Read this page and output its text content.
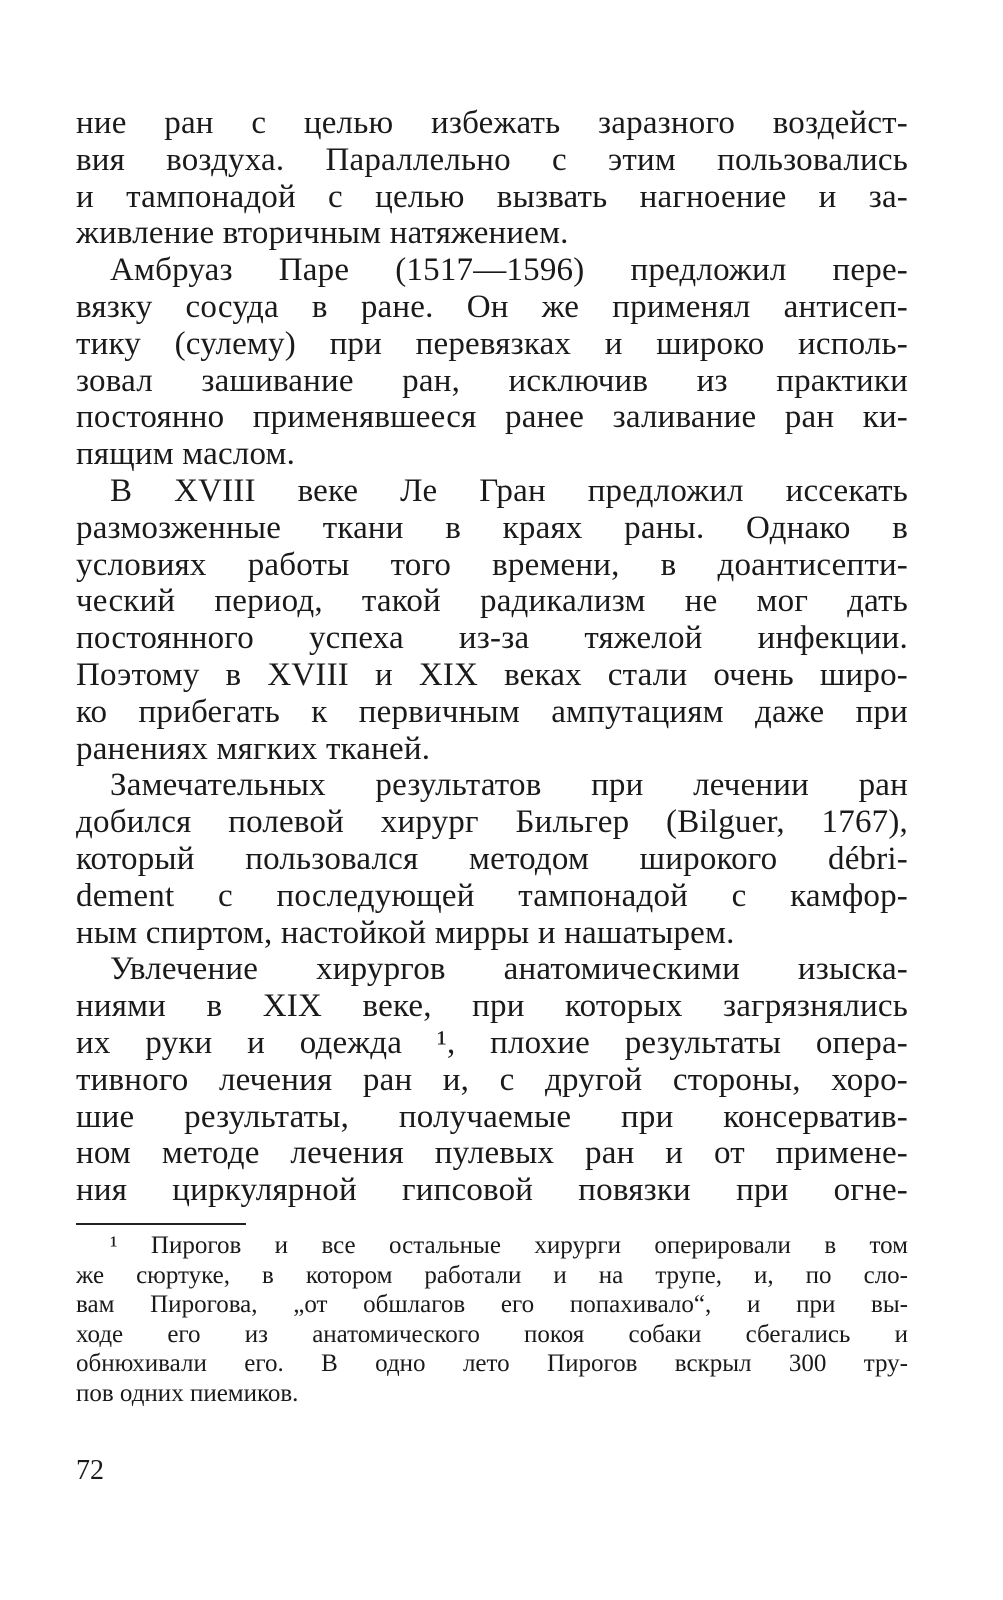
ние ран с целью избежать заразного воздейст-
вия воздуха. Параллельно с этим пользовались
и тампонадой с целью вызвать нагноение и за-
живление вторичным натяжением.
Амбруаз Паре (1517—1596) предложил пере-
вязку сосуда в ране. Он же применял антисеп-
тику (сулему) при перевязках и широко исполь-
зовал зашивание ран, исключив из практики
постоянно применявшееся ранее заливание ран ки-
пящим маслом.
В XVIII веке Ле Гран предложил иссекать
размозженные ткани в краях раны. Однако в
условиях работы того времени, в доантисепти-
ческий период, такой радикализм не мог дать
постоянного успеха из-за тяжелой инфекции.
Поэтому в XVIII и XIX веках стали очень широ-
ко прибегать к первичным ампутациям даже при
ранениях мягких тканей.
Замечательных результатов при лечении ран
добился полевой хирург Бильгер (Bilguer, 1767),
который пользовался методом широкого débri-
dement с последующей тампонадой с камфор-
ным спиртом, настойкой мирры и нашатырем.
Увлечение хирургов анатомическими изыска-
ниями в XIX веке, при которых загрязнялись
их руки и одежда ¹, плохие результаты опера-
тивного лечения ран и, с другой стороны, хоро-
шие результаты, получаемые при консерватив-
ном методе лечения пулевых ран и от примене-
ния циркулярной гипсовой повязки при огне-
¹ Пирогов и все остальные хирурги оперировали в том
же сюртуке, в котором работали и на трупе, и, по сло-
вам Пирогова, „от обшлагов его попахивало“, и при вы-
ходе его из анатомического покоя собаки сбегались и
обнюхивали его. В одно лето Пирогов вскрыл 300 тру-
пов одних пиемиков.
72
